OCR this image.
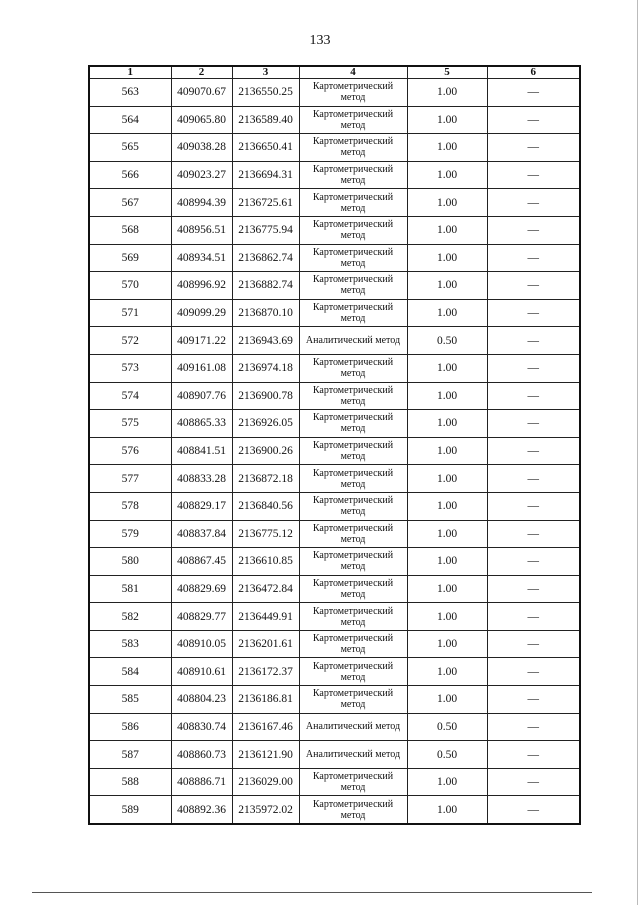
133
1	2	3	4	5	6
563	409070.67	2136550.25	Картометрический метод	1.00	—
564	409065.80	2136589.40	Картометрический метод	1.00	—
565	409038.28	2136650.41	Картометрический метод	1.00	—
566	409023.27	2136694.31	Картометрический метод	1.00	—
567	408994.39	2136725.61	Картометрический метод	1.00	—
568	408956.51	2136775.94	Картометрический метод	1.00	—
569	408934.51	2136862.74	Картометрический метод	1.00	—
570	408996.92	2136882.74	Картометрический метод	1.00	—
571	409099.29	2136870.10	Картометрический метод	1.00	—
572	409171.22	2136943.69	Аналитический метод	0.50	—
573	409161.08	2136974.18	Картометрический метод	1.00	—
574	408907.76	2136900.78	Картометрический метод	1.00	—
575	408865.33	2136926.05	Картометрический метод	1.00	—
576	408841.51	2136900.26	Картометрический метод	1.00	—
577	408833.28	2136872.18	Картометрический метод	1.00	—
578	408829.17	2136840.56	Картометрический метод	1.00	—
579	408837.84	2136775.12	Картометрический метод	1.00	—
580	408867.45	2136610.85	Картометрический метод	1.00	—
581	408829.69	2136472.84	Картометрический метод	1.00	—
582	408829.77	2136449.91	Картометрический метод	1.00	—
583	408910.05	2136201.61	Картометрический метод	1.00	—
584	408910.61	2136172.37	Картометрический метод	1.00	—
585	408804.23	2136186.81	Картометрический метод	1.00	—
586	408830.74	2136167.46	Аналитический метод	0.50	—
587	408860.73	2136121.90	Аналитический метод	0.50	—
588	408886.71	2136029.00	Картометрический метод	1.00	—
589	408892.36	2135972.02	Картометрический метод	1.00	—
